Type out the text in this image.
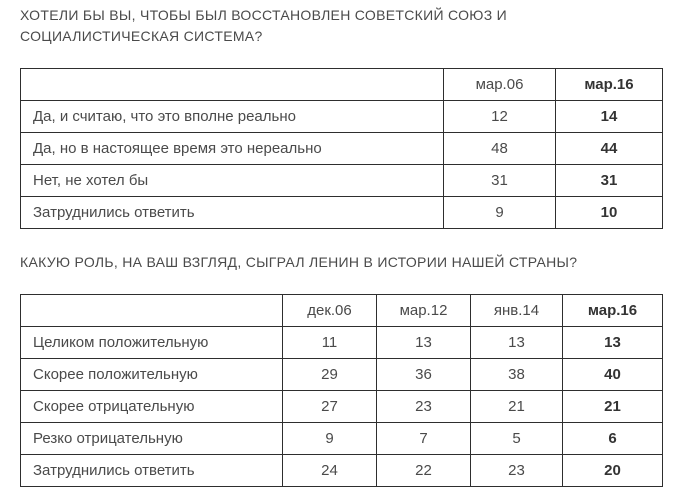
ХОТЕЛИ БЫ ВЫ, ЧТОБЫ БЫЛ ВОССТАНОВЛЕН СОВЕТСКИЙ СОЮЗ И СОЦИАЛИСТИЧЕСКАЯ СИСТЕМА?
	мар.06	мар.16
Да, и считаю, что это вполне реально	12	14
Да, но в настоящее время это нереально	48	44
Нет, не хотел бы	31	31
Затруднились ответить	9	10
КАКУЮ РОЛЬ, НА ВАШ ВЗГЛЯД, СЫГРАЛ ЛЕНИН В ИСТОРИИ НАШЕЙ СТРАНЫ?
	дек.06	мар.12	янв.14	мар.16
Целиком положительную	11	13	13	13
Скорее положительную	29	36	38	40
Скорее отрицательную	27	23	21	21
Резко отрицательную	9	7	5	6
Затруднились ответить	24	22	23	20
